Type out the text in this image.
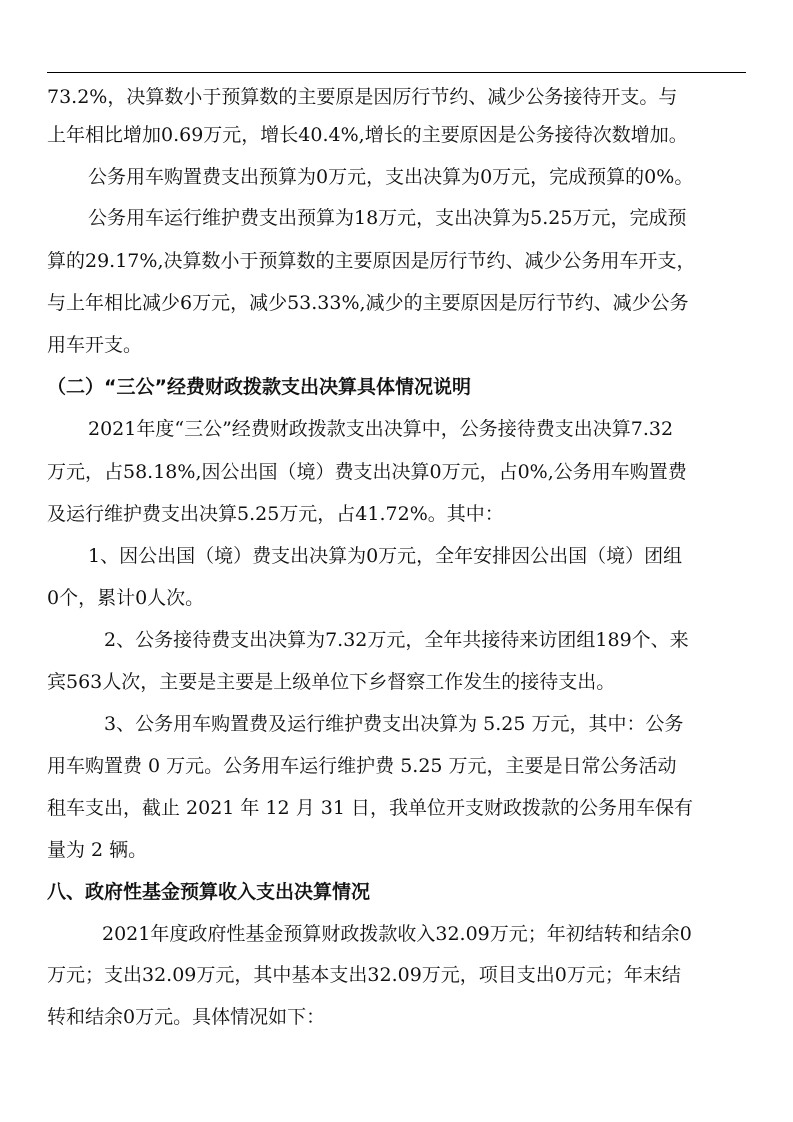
73.2%，决算数小于预算数的主要原是因厉行节约、减少公务接待开支。与
上年相比增加0.69万元，增长40.4%,增长的主要原因是公务接待次数增加。
公务用车购置费支出预算为0万元，支出决算为0万元，完成预算的0%。
公务用车运行维护费支出预算为18万元，支出决算为5.25万元，完成预
算的29.17%,决算数小于预算数的主要原因是厉行节约、减少公务用车开支，
与上年相比减少6万元，减少53.33%,减少的主要原因是厉行节约、减少公务
用车开支。
（二）“三公”经费财政拨款支出决算具体情况说明
2021年度“三公”经费财政拨款支出决算中，公务接待费支出决算7.32
万元，占58.18%,因公出国（境）费支出决算0万元，占0%,公务用车购置费
及运行维护费支出决算5.25万元，占41.72%。其中：
1、因公出国（境）费支出决算为0万元，全年安排因公出国（境）团组
0个，累计0人次。
2、公务接待费支出决算为7.32万元，全年共接待来访团组189个、来
宾563人次，主要是主要是上级单位下乡督察工作发生的接待支出。
3、公务用车购置费及运行维护费支出决算为 5.25 万元，其中：公务
用车购置费 0 万元。公务用车运行维护费 5.25 万元，主要是日常公务活动
租车支出，截止 2021 年 12 月 31 日，我单位开支财政拨款的公务用车保有
量为 2 辆。
八、政府性基金预算收入支出决算情况
2021年度政府性基金预算财政拨款收入32.09万元；年初结转和结余0
万元；支出32.09万元，其中基本支出32.09万元，项目支出0万元；年末结
转和结余0万元。具体情况如下：
